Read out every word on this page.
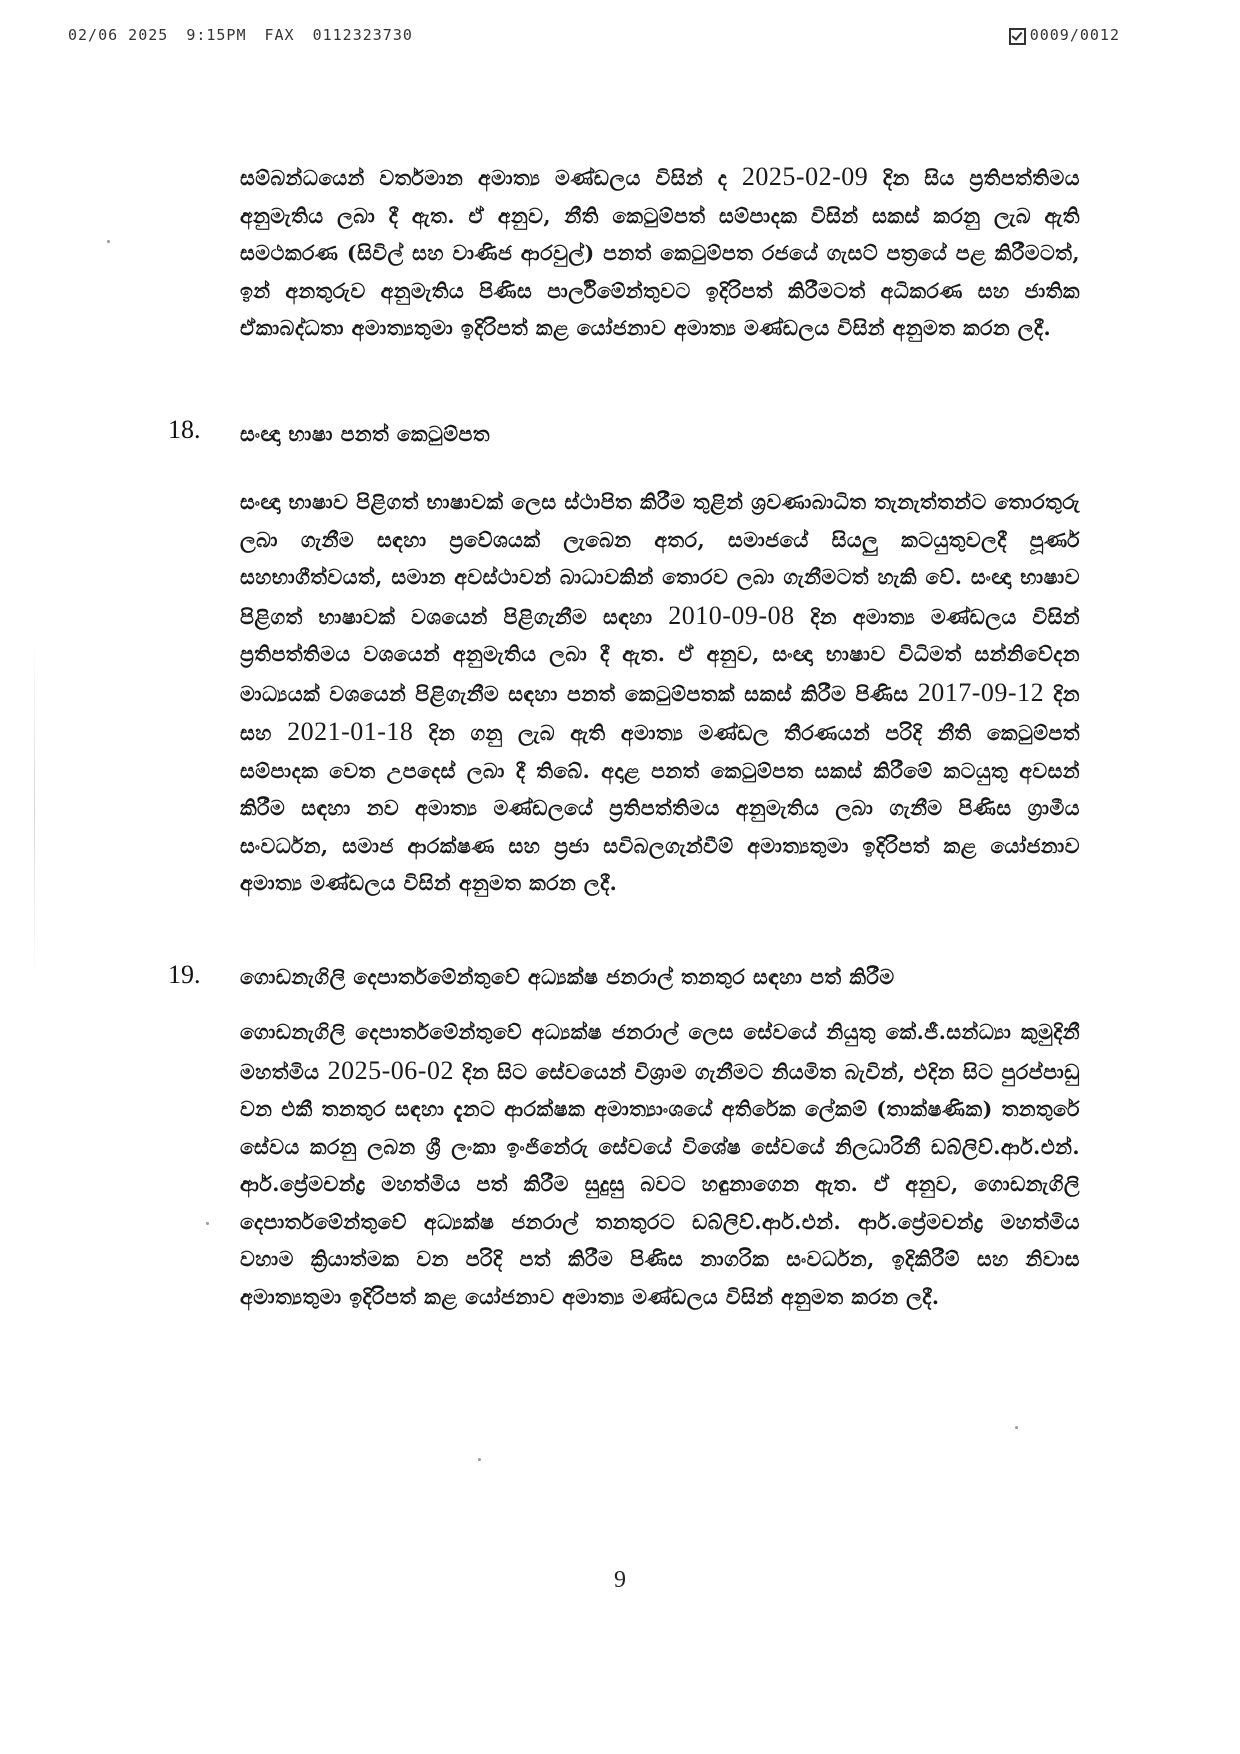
02/06 2025 9:15PM FAX 0112323730	0009/0012

සම්බන්ධයෙන් වර්තමාන අමාත්‍ය මණ්ඩලය විසින් ද 2025-02-09 දින සිය ප්‍රතිපත්තිමය අනුමැතිය ලබා දී ඇත. ඒ අනුව, නීති කෙටුම්පත් සම්පාදක විසින් සකස් කරනු ලැබ ඇති සමථකරණ (සිවිල් සහ වාණිජ ආරවුල්) පනත් කෙටුම්පත රජයේ ගැසට් පත්‍රයේ පළ කිරීමටත්, ඉන් අනතුරුව අනුමැතිය පිණිස පාර්ලිමේන්තුවට ඉදිරිපත් කිරීමටත් අධිකරණ සහ ජාතික ඒකාබද්ධතා අමාත්‍යතුමා ඉදිරිපත් කළ යෝජනාව අමාත්‍ය මණ්ඩලය විසින් අනුමත කරන ලදී.

18. සංඥා භාෂා පනත් කෙටුම්පත

සංඥා භාෂාව පිළිගත් භාෂාවක් ලෙස ස්ථාපිත කිරීම තුළින් ශ්‍රවණාබාධිත තැනැත්තන්ට තොරතුරු ලබා ගැනීම සඳහා ප්‍රවේශයක් ලැබෙන අතර, සමාජයේ සියලු කටයුතුවලදී පූර්ණ සහභාගීත්වයත්, සමාන අවස්ථාවන් බාධාවකින් තොරව ලබා ගැනීමටත් හැකි වේ. සංඥා භාෂාව පිළිගත් භාෂාවක් වශයෙන් පිළිගැනීම සඳහා 2010-09-08 දින අමාත්‍ය මණ්ඩලය විසින් ප්‍රතිපත්තිමය වශයෙන් අනුමැතිය ලබා දී ඇත. ඒ අනුව, සංඥා භාෂාව විධිමත් සන්නිවේදන මාධ්‍යයක් වශයෙන් පිළිගැනීම සඳහා පනත් කෙටුම්පතක් සකස් කිරීම පිණිස 2017-09-12 දින සහ 2021-01-18 දින ගනු ලැබ ඇති අමාත්‍ය මණ්ඩල තීරණයන් පරිදි නීති කෙටුම්පත් සම්පාදක වෙත උපදෙස් ලබා දී තිබේ. අදාළ පනත් කෙටුම්පත සකස් කිරීමේ කටයුතු අවසන් කිරීම සඳහා නව අමාත්‍ය මණ්ඩලයේ ප්‍රතිපත්තිමය අනුමැතිය ලබා ගැනීම පිණිස ග්‍රාමීය සංවර්ධන, සමාජ ආරක්ෂණ සහ ප්‍රජා සවිබලගැන්වීම් අමාත්‍යතුමා ඉදිරිපත් කළ යෝජනාව අමාත්‍ය මණ්ඩලය විසින් අනුමත කරන ලදී.

19. ගොඩනැගිලි දෙපාර්තමේන්තුවේ අධ්‍යක්ෂ ජනරාල් තනතුර සඳහා පත් කිරීම

ගොඩනැගිලි දෙපාර්තමේන්තුවේ අධ්‍යක්ෂ ජනරාල් ලෙස සේවයේ නියුතු කේ.ජී.සන්ධ්‍යා කුමුදිනී මහත්මිය 2025-06-02 දින සිට සේවයෙන් විශ්‍රාම ගැනීමට නියමිත බැවින්, එදින සිට පුරප්පාඩු වන එකී තනතුර සඳහා දැනට ආරක්ෂක අමාත්‍යාංශයේ අතිරේක ලේකම් (තාක්ෂණික) තනතුරේ සේවය කරනු ලබන ශ්‍රී ලංකා ඉංජිනේරු සේවයේ විශේෂ සේවයේ නිලධාරිනී ඩබ්ලිව්.ආර්.එන්. ආර්.ප්‍රේමචන්ද්‍ර මහත්මිය පත් කිරීම සුදුසු බවට හඳුනාගෙන ඇත. ඒ අනුව, ගොඩනැගිලි දෙපාර්තමේන්තුවේ අධ්‍යක්ෂ ජනරාල් තනතුරට ඩබ්ලිව්.ආර්.එන්. ආර්.ප්‍රේමචන්ද්‍ර මහත්මිය වහාම ක්‍රියාත්මක වන පරිදි පත් කිරීම පිණිස නාගරික සංවර්ධන, ඉදිකිරීම් සහ නිවාස අමාත්‍යතුමා ඉදිරිපත් කළ යෝජනාව අමාත්‍ය මණ්ඩලය විසින් අනුමත කරන ලදී.

9
